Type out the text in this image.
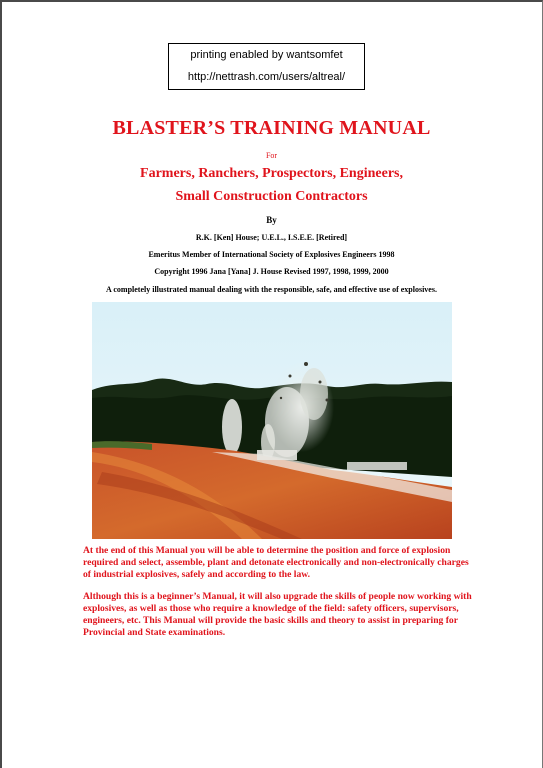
printing enabled by wantsomfet
http://nettrash.com/users/altreal/
BLASTER’S TRAINING MANUAL
For
Farmers, Ranchers, Prospectors, Engineers,
Small Construction Contractors
By
R.K. [Ken] House; U.E.L., I.S.E.E. [Retired]
Emeritus Member of International Society of Explosives Engineers 1998
Copyright 1996 Jana [Yana] J. House Revised 1997, 1998, 1999, 2000
A completely illustrated manual dealing with the responsible, safe, and effective use of explosives.
At the end of this Manual you will be able to determine the position and force of explosion required and select, assemble, plant and detonate electronically and non-electronically charges of industrial explosives, safely and according to the law.
Although this is a beginner’s Manual, it will also upgrade the skills of people now working with explosives, as well as those who require a knowledge of the field: safety officers, supervisors, engineers, etc. This Manual will provide the basic skills and theory to assist in preparing for Provincial and State examinations.
